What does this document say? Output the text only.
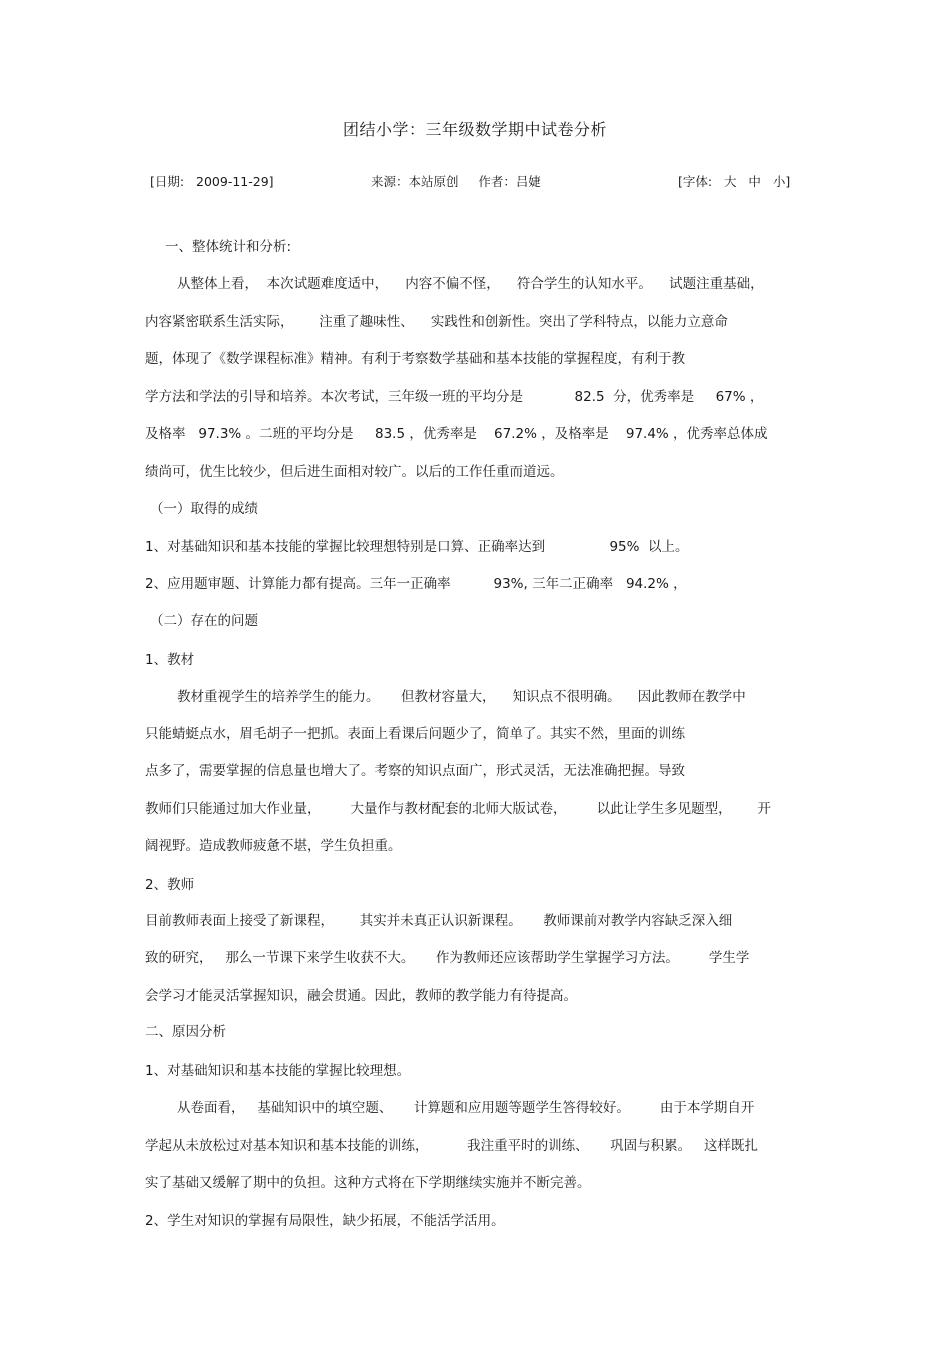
团结小学：三年级数学期中试卷分析
[日期:   2009-11-29]	来源：本站原创     作者：吕婕	[字体:   大   中   小]
一、整体统计和分析:
从整体上看，  本次试题难度适中，    内容不偏不怪，    符合学生的认知水平。    试题注重基础，
内容紧密联系生活实际，      注重了趣味性、    实践性和创新性。突出了学科特点，以能力立意命
题，体现了《数学课程标准》精神。有利于考察数学基础和基本技能的掌握程度，有利于教
学方法和学法的引导和培养。本次考试，三年级一班的平均分是            82.5  分，优秀率是     67% ，
及格率   97.3% 。二班的平均分是     83.5 ，优秀率是    67.2% ，及格率是    97.4% ，优秀率总体成
绩尚可，优生比较少，但后进生面相对较广。以后的工作任重而道远。
（一）取得的成绩
1、对基础知识和基本技能的掌握比较理想特别是口算、正确率达到               95%  以上。
2、应用题审题、计算能力都有提高。三年一正确率          93%, 三年二正确率   94.2% ，
（二）存在的问题
1、教材
教材重视学生的培养学生的能力。     但教材容量大，    知识点不很明确。    因此教师在教学中
只能蜻蜓点水，眉毛胡子一把抓。表面上看课后问题少了，简单了。其实不然，里面的训练
点多了，需要掌握的信息量也增大了。考察的知识点面广，形式灵活，无法准确把握。导致
教师们只能通过加大作业量，       大量作与教材配套的北师大版试卷，       以此让学生多见题型，      开
阔视野。造成教师疲惫不堪，学生负担重。
2、教师
目前教师表面上接受了新课程，      其实并未真正认识新课程。     教师课前对教学内容缺乏深入细
致的研究，   那么一节课下来学生收获不大。     作为教师还应该帮助学生掌握学习方法。       学生学
会学习才能灵活掌握知识，融会贯通。因此，教师的教学能力有待提高。
二、原因分析
1、对基础知识和基本技能的掌握比较理想。
从卷面看，   基础知识中的填空题、     计算题和应用题等题学生答得较好。       由于本学期自开
学起从未放松过对基本知识和基本技能的训练，         我注重平时的训练、     巩固与积累。   这样既扎
实了基础又缓解了期中的负担。这种方式将在下学期继续实施并不断完善。
2、学生对知识的掌握有局限性，缺少拓展，不能活学活用。
